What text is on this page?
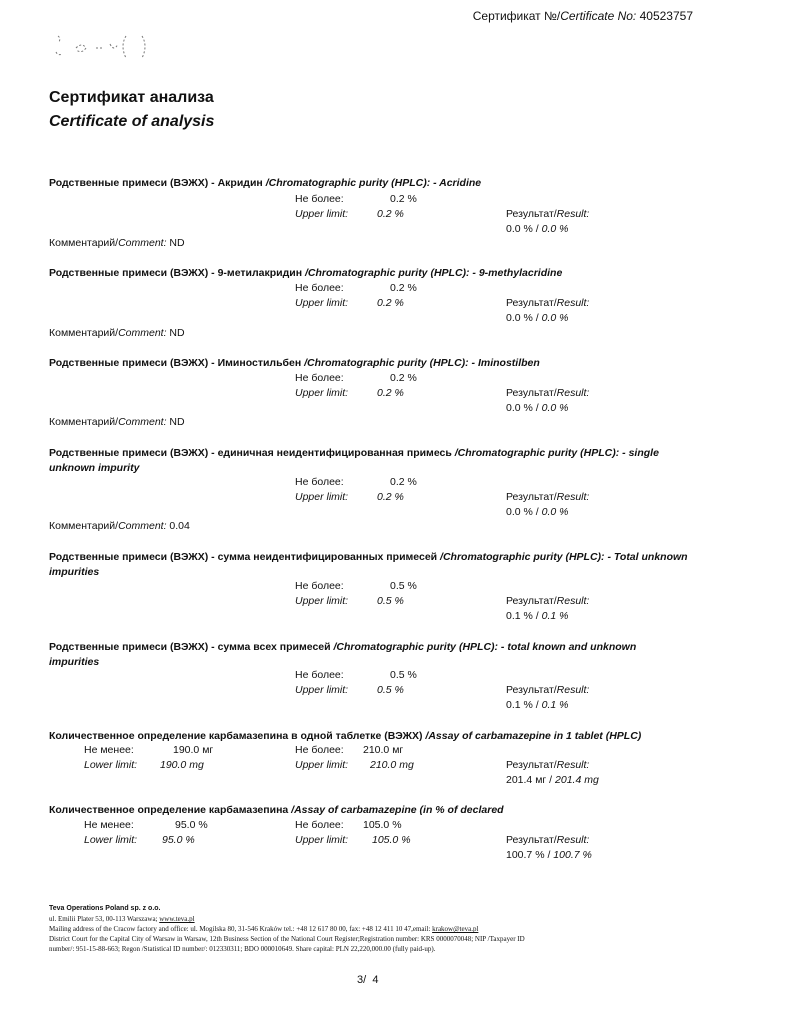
Сертификат №/Certificate No: 40523757
Сертификат анализа
Certificate of analysis
Родственные примеси (ВЭЖХ) - Акридин /Chromatographic purity (HPLC): - Acridine
Не более:	0.2 %
Upper limit:	0.2 %	Результат/Result:
0.0 % / 0.0 %
Комментарий/Comment: ND
Родственные примеси (ВЭЖХ) - 9-метилакридин /Chromatographic purity (HPLC): - 9-methylacridine
Не более:	0.2 %
Upper limit:	0.2 %	Результат/Result:
0.0 % / 0.0 %
Комментарий/Comment: ND
Родственные примеси (ВЭЖХ) - Иминостильбен /Chromatographic purity (HPLC): - Iminostilben
Не более:	0.2 %
Upper limit:	0.2 %	Результат/Result:
0.0 % / 0.0 %
Комментарий/Comment: ND
Родственные примеси (ВЭЖХ) - единичная неидентифицированная примесь /Chromatographic purity (HPLC): - single unknown impurity
Не более:	0.2 %
Upper limit:	0.2 %	Результат/Result:
0.0 % / 0.0 %
Комментарий/Comment: 0.04
Родственные примеси (ВЭЖХ) - сумма неидентифицированных примесей /Chromatographic purity (HPLC): - Total unknown impurities
Не более:	0.5 %
Upper limit:	0.5 %	Результат/Result:
0.1 % / 0.1 %
Родственные примеси (ВЭЖХ) - сумма всех примесей /Chromatographic purity (HPLC): - total known and unknown impurities
Не более:	0.5 %
Upper limit:	0.5 %	Результат/Result:
0.1 % / 0.1 %
Количественное определение карбамазепина в одной таблетке (ВЭЖХ) /Assay of carbamazepine in 1 tablet (HPLC)
Не менее:	190.0 мг	Не более: 210.0 мг
Lower limit: 190.0 mg	Upper limit: 210.0 mg	Результат/Result:
201.4 мг / 201.4 mg
Количественное определение карбамазепина /Assay of carbamazepine (in % of declared
Не менее:	95.0 %	Не более: 105.0 %
Lower limit: 95.0 %	Upper limit: 105.0 %	Результат/Result:
100.7 % / 100.7 %
Teva Operations Poland sp. z o.o.
ul. Emilii Plater 53, 00-113 Warszawa; www.teva.pl
Mailing address of the Cracow factory and office: ul. Mogilska 80, 31-546 Kraków tel.: +48 12 617 80 00, fax: +48 12 411 10 47,email: krakow@teva.pl
District Court for the Capital City of Warsaw in Warsaw, 12th Business Section of the National Court Register;Registration number: KRS 0000070048; NIP /Taxpayer ID
number/: 951-15-88-663; Regon /Statistical ID number/: 012330311; BDO 000010649. Share capital: PLN 22,220,000.00 (fully paid-up).
3/ 4
